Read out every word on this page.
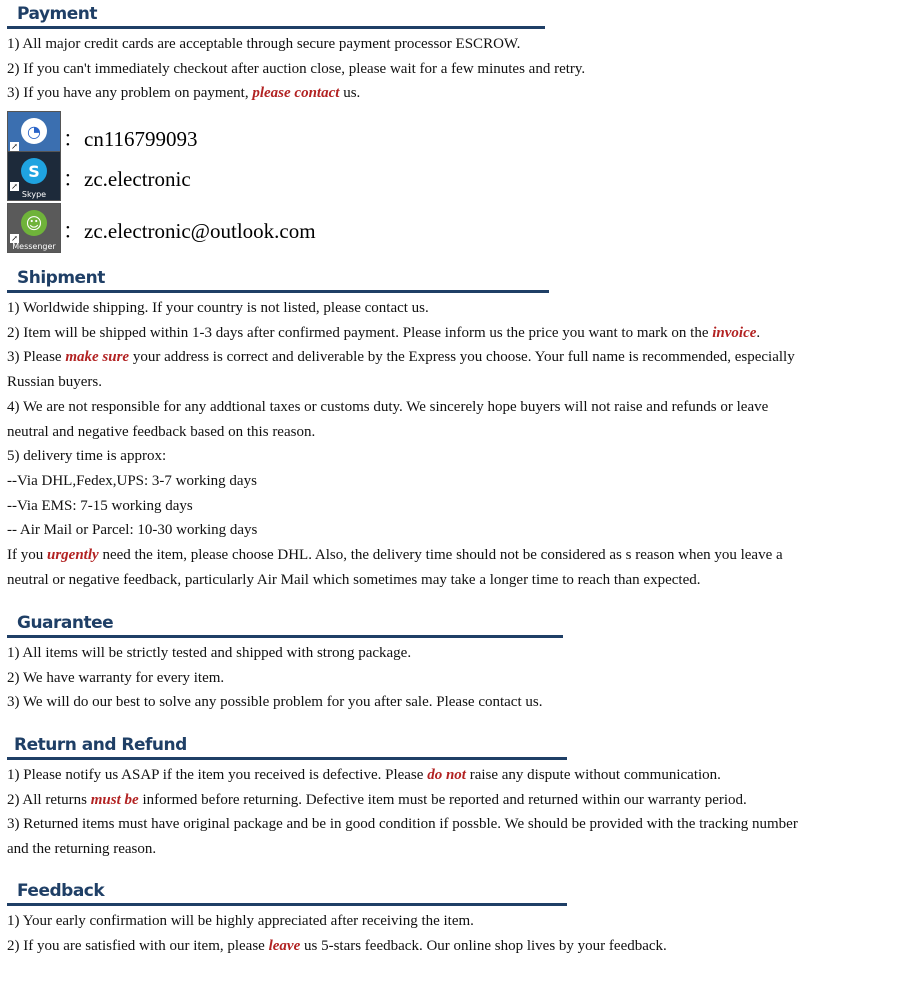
Payment
1) All major credit cards are acceptable through secure payment processor ESCROW.
2) If you can't immediately checkout after auction close, please wait for a few minutes and retry.
3) If you have any problem on payment, please contact us.
◔
↗ ：cn116799093
S
↗
Skype
：zc.electronic
☺
↗
Messenger
：zc.electronic@outlook.com
Shipment
1) Worldwide shipping. If your country is not listed, please contact us.
2) Item will be shipped within 1-3 days after confirmed payment. Please inform us the price you want to mark on the invoice.
3) Please make sure your address is correct and deliverable by the Express you choose. Your full name is recommended, especially
Russian buyers.
4) We are not responsible for any addtional taxes or customs duty. We sincerely hope buyers will not raise and refunds or leave
neutral and negative feedback based on this reason.
5) delivery time is approx:
--Via DHL,Fedex,UPS: 3-7 working days
--Via EMS: 7-15 working days
-- Air Mail or Parcel: 10-30 working days
If you urgently need the item, please choose DHL. Also, the delivery time should not be considered as s reason when you leave a
neutral or negative feedback, particularly Air Mail which sometimes may take a longer time to reach than expected.
Guarantee
1) All items will be strictly tested and shipped with strong package.
2) We have warranty for every item.
3) We will do our best to solve any possible problem for you after sale. Please contact us.
Return and Refund
1) Please notify us ASAP if the item you received is defective. Please do not raise any dispute without communication.
2) All returns must be informed before returning. Defective item must be reported and returned within our warranty period.
3) Returned items must have original package and be in good condition if possble. We should be provided with the tracking number
and the returning reason.
Feedback
1) Your early confirmation will be highly appreciated after receiving the item.
2) If you are satisfied with our item, please leave us 5-stars feedback. Our online shop lives by your feedback.
